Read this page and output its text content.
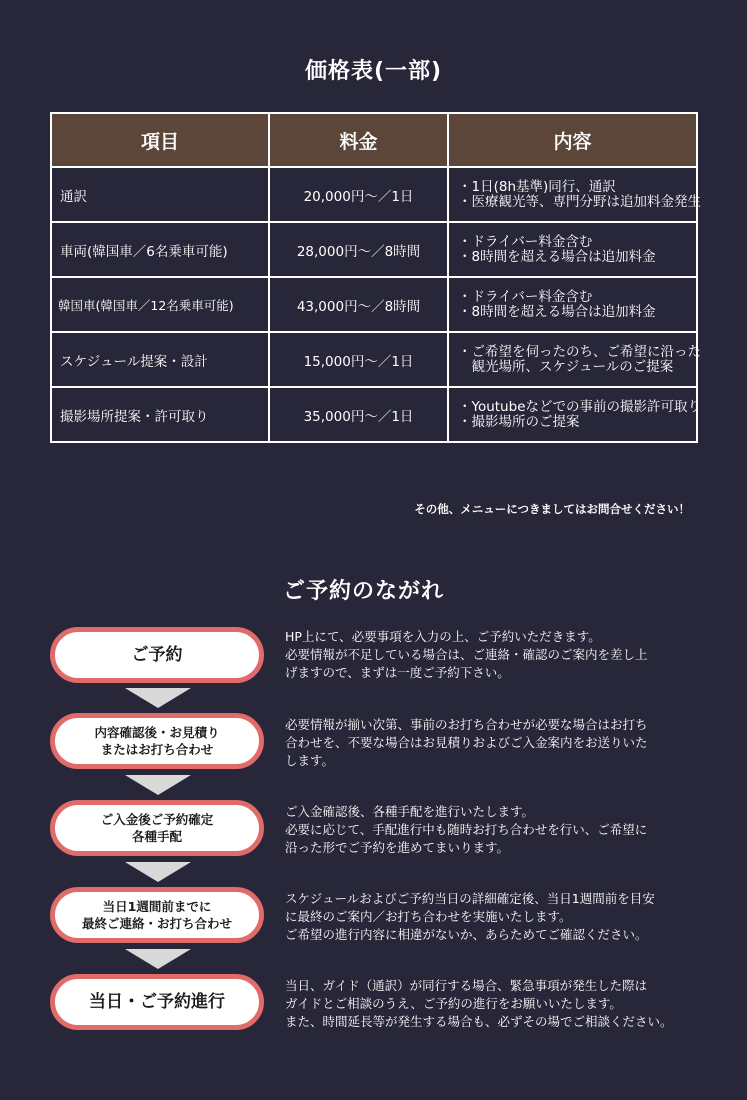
価格表(一部)
項目	料金	内容
通訳	20,000円～／1日	・1日(8h基準)同行、通訳
・医療観光等、専門分野は追加料金発生

車両(韓国車／6名乗車可能)	28,000円～／8時間	・ドライバー料金含む
・8時間を超える場合は追加料金

韓国車(韓国車／12名乗車可能)	43,000円～／8時間	・ドライバー料金含む
・8時間を超える場合は追加料金

スケジュール提案・設計	15,000円～／1日	・ご希望を伺ったのち、ご希望に沿った
　観光場所、スケジュールのご提案

撮影場所提案・許可取り	35,000円～／1日	・Youtubeなどでの事前の撮影許可取り
・撮影場所のご提案
その他、メニューにつきましてはお問合せください！
ご予約のながれ
ご予約
HP上にて、必要事項を入力の上、ご予約いただきます。
必要情報が不足している場合は、ご連絡・確認のご案内を差し上
げますので、まずは一度ご予約下さい。
内容確認後・お見積り
またはお打ち合わせ
必要情報が揃い次第、事前のお打ち合わせが必要な場合はお打ち
合わせを、不要な場合はお見積りおよびご入金案内をお送りいた
します。
ご入金後ご予約確定
各種手配
ご入金確認後、各種手配を進行いたします。
必要に応じて、手配進行中も随時お打ち合わせを行い、ご希望に
沿った形でご予約を進めてまいります。
当日1週間前までに
最終ご連絡・お打ち合わせ
スケジュールおよびご予約当日の詳細確定後、当日1週間前を目安
に最終のご案内／お打ち合わせを実施いたします。
ご希望の進行内容に相違がないか、あらためてご確認ください。
当日・ご予約進行
当日、ガイド（通訳）が同行する場合、緊急事項が発生した際は
ガイドとご相談のうえ、ご予約の進行をお願いいたします。
また、時間延長等が発生する場合も、必ずその場でご相談ください。
